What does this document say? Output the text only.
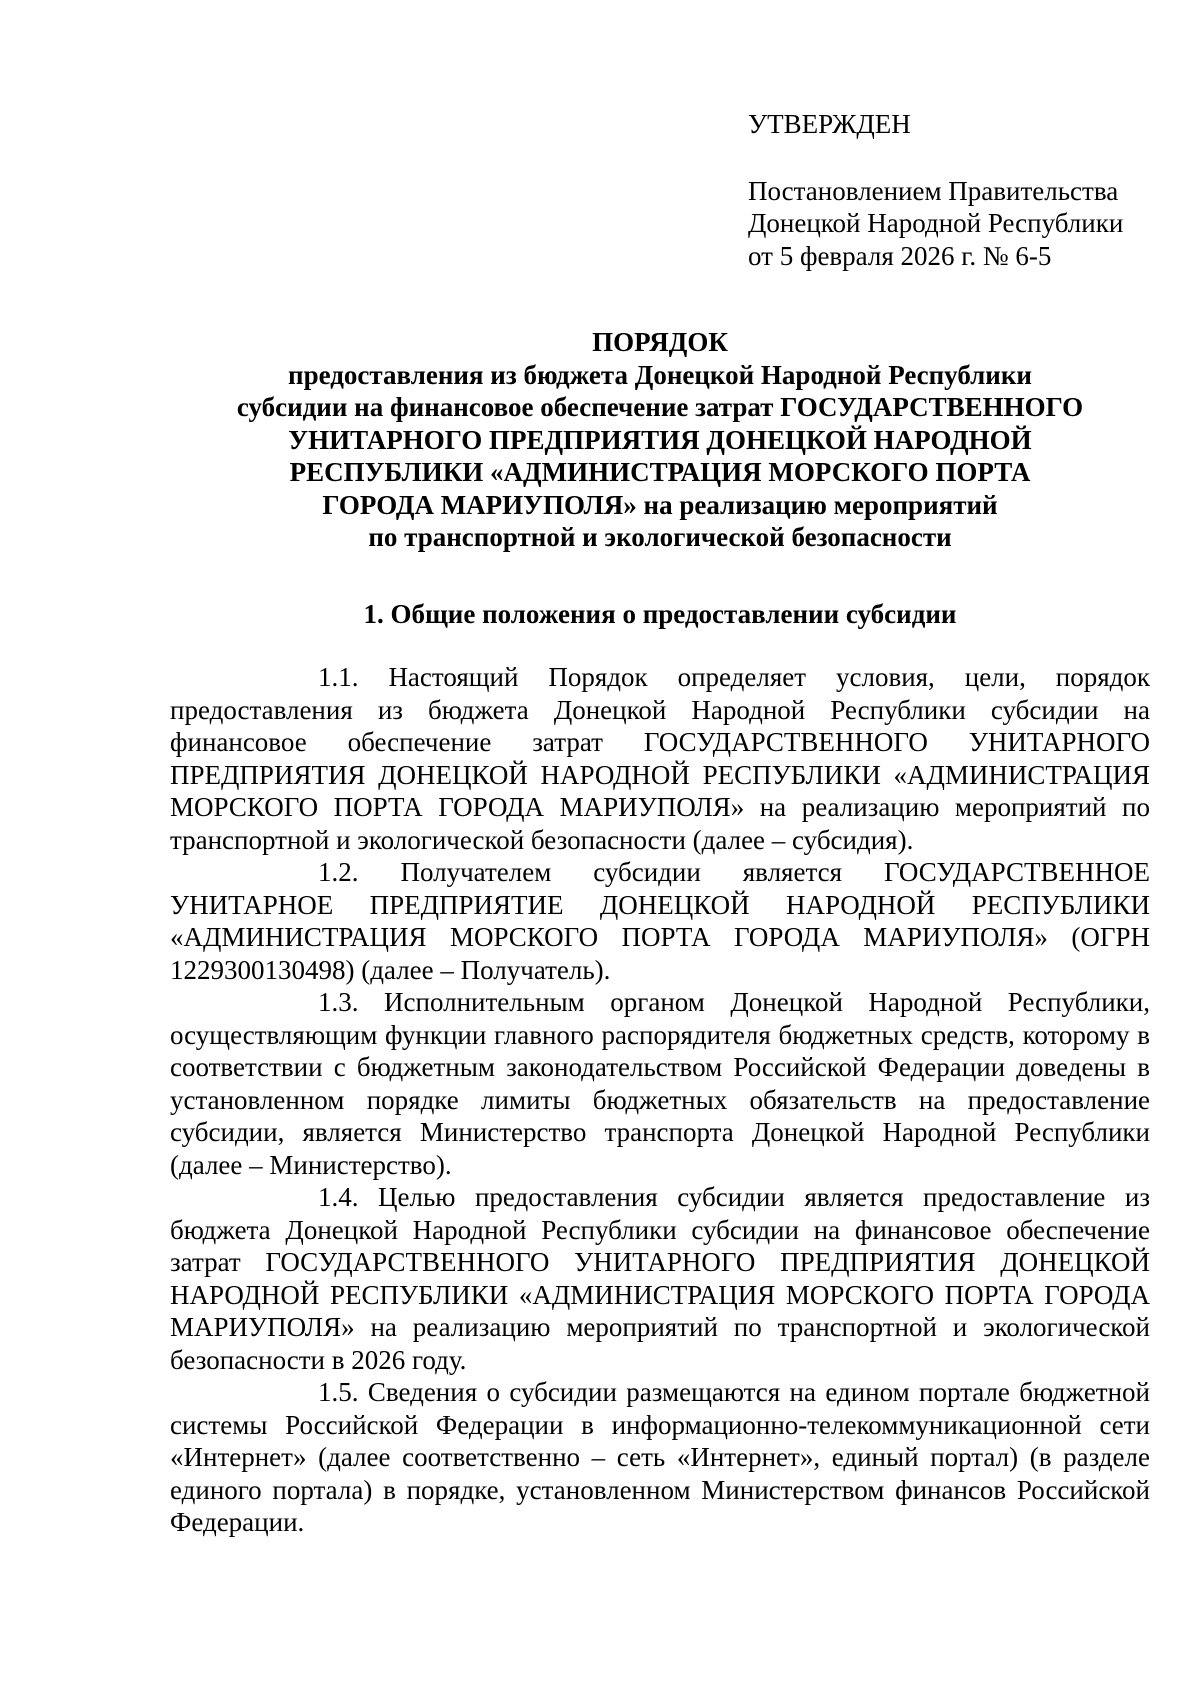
УТВЕРЖДЕН
Постановлением Правительства
Донецкой Народной Республики
от 5 февраля 2026 г. № 6-5
ПОРЯДОК
предоставления из бюджета Донецкой Народной Республики
субсидии на финансовое обеспечение затрат ГОСУДАРСТВЕННОГО
УНИТАРНОГО ПРЕДПРИЯТИЯ ДОНЕЦКОЙ НАРОДНОЙ
РЕСПУБЛИКИ «АДМИНИСТРАЦИЯ МОРСКОГО ПОРТА
ГОРОДА МАРИУПОЛЯ» на реализацию мероприятий
по транспортной и экологической безопасности
1. Общие положения о предоставлении субсидии

1.1. Настоящий Порядок определяет условия, цели, порядок предоставления из бюджета Донецкой Народной Республики субсидии на финансовое обеспечение затрат ГОСУДАРСТВЕННОГО УНИТАРНОГО ПРЕДПРИЯТИЯ ДОНЕЦКОЙ НАРОДНОЙ РЕСПУБЛИКИ «АДМИНИСТРАЦИЯ МОРСКОГО ПОРТА ГОРОДА МАРИУПОЛЯ» на реализацию мероприятий по транспортной и экологической безопасности (далее – субсидия).

1.2. Получателем субсидии является ГОСУДАРСТВЕННОЕ УНИТАРНОЕ ПРЕДПРИЯТИЕ ДОНЕЦКОЙ НАРОДНОЙ РЕСПУБЛИКИ «АДМИНИСТРАЦИЯ МОРСКОГО ПОРТА ГОРОДА МАРИУПОЛЯ» (ОГРН 1229300130498) (далее – Получатель).

1.3. Исполнительным органом Донецкой Народной Республики, осуществляющим функции главного распорядителя бюджетных средств, которому в соответствии с бюджетным законодательством Российской Федерации доведены в установленном порядке лимиты бюджетных обязательств на предоставление субсидии, является Министерство транспорта Донецкой Народной Республики (далее – Министерство).

1.4. Целью предоставления субсидии является предоставление из бюджета Донецкой Народной Республики субсидии на финансовое обеспечение затрат ГОСУДАРСТВЕННОГО УНИТАРНОГО ПРЕДПРИЯТИЯ ДОНЕЦКОЙ НАРОДНОЙ РЕСПУБЛИКИ «АДМИНИСТРАЦИЯ МОРСКОГО ПОРТА ГОРОДА МАРИУПОЛЯ» на реализацию мероприятий по транспортной и экологической безопасности в 2026 году.

1.5. Сведения о субсидии размещаются на едином портале бюджетной системы Российской Федерации в информационно-телекоммуникационной сети «Интернет» (далее соответственно – сеть «Интернет», единый портал) (в разделе единого портала) в порядке, установленном Министерством финансов Российской Федерации.
